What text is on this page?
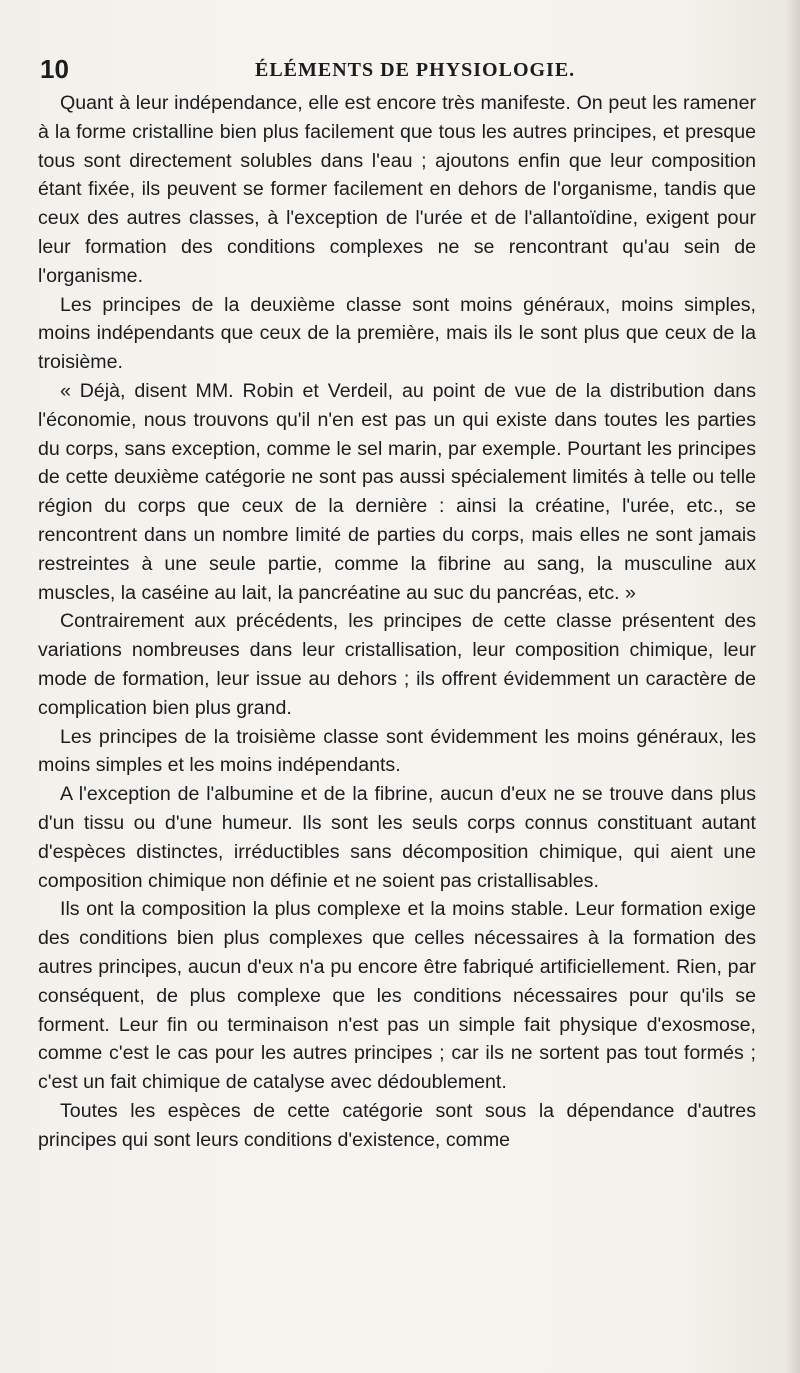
10	ÉLÉMENTS DE PHYSIOLOGIE.

Quant à leur indépendance, elle est encore très manifeste. On peut les ramener à la forme cristalline bien plus facilement que tous les autres principes, et presque tous sont directement solubles dans l'eau ; ajoutons enfin que leur composition étant fixée, ils peuvent se former facilement en dehors de l'organisme, tandis que ceux des autres classes, à l'exception de l'urée et de l'allantoïdine, exigent pour leur formation des conditions complexes ne se rencontrant qu'au sein de l'organisme.

Les principes de la deuxième classe sont moins généraux, moins simples, moins indépendants que ceux de la première, mais ils le sont plus que ceux de la troisième.

« Déjà, disent MM. Robin et Verdeil, au point de vue de la distribution dans l'économie, nous trouvons qu'il n'en est pas un qui existe dans toutes les parties du corps, sans exception, comme le sel marin, par exemple. Pourtant les principes de cette deuxième catégorie ne sont pas aussi spécialement limités à telle ou telle région du corps que ceux de la dernière : ainsi la créatine, l'urée, etc., se rencontrent dans un nombre limité de parties du corps, mais elles ne sont jamais restreintes à une seule partie, comme la fibrine au sang, la musculine aux muscles, la caséine au lait, la pancréatine au suc du pancréas, etc. »

Contrairement aux précédents, les principes de cette classe présentent des variations nombreuses dans leur cristallisation, leur composition chimique, leur mode de formation, leur issue au dehors ; ils offrent évidemment un caractère de complication bien plus grand.

Les principes de la troisième classe sont évidemment les moins généraux, les moins simples et les moins indépendants.

A l'exception de l'albumine et de la fibrine, aucun d'eux ne se trouve dans plus d'un tissu ou d'une humeur. Ils sont les seuls corps connus constituant autant d'espèces distinctes, irréductibles sans décomposition chimique, qui aient une composition chimique non définie et ne soient pas cristallisables.

Ils ont la composition la plus complexe et la moins stable. Leur formation exige des conditions bien plus complexes que celles nécessaires à la formation des autres principes, aucun d'eux n'a pu encore être fabriqué artificiellement. Rien, par conséquent, de plus complexe que les conditions nécessaires pour qu'ils se forment. Leur fin ou terminaison n'est pas un simple fait physique d'exosmose, comme c'est le cas pour les autres principes ; car ils ne sortent pas tout formés ; c'est un fait chimique de catalyse avec dédoublement.

Toutes les espèces de cette catégorie sont sous la dépendance d'autres principes qui sont leurs conditions d'existence, comme
